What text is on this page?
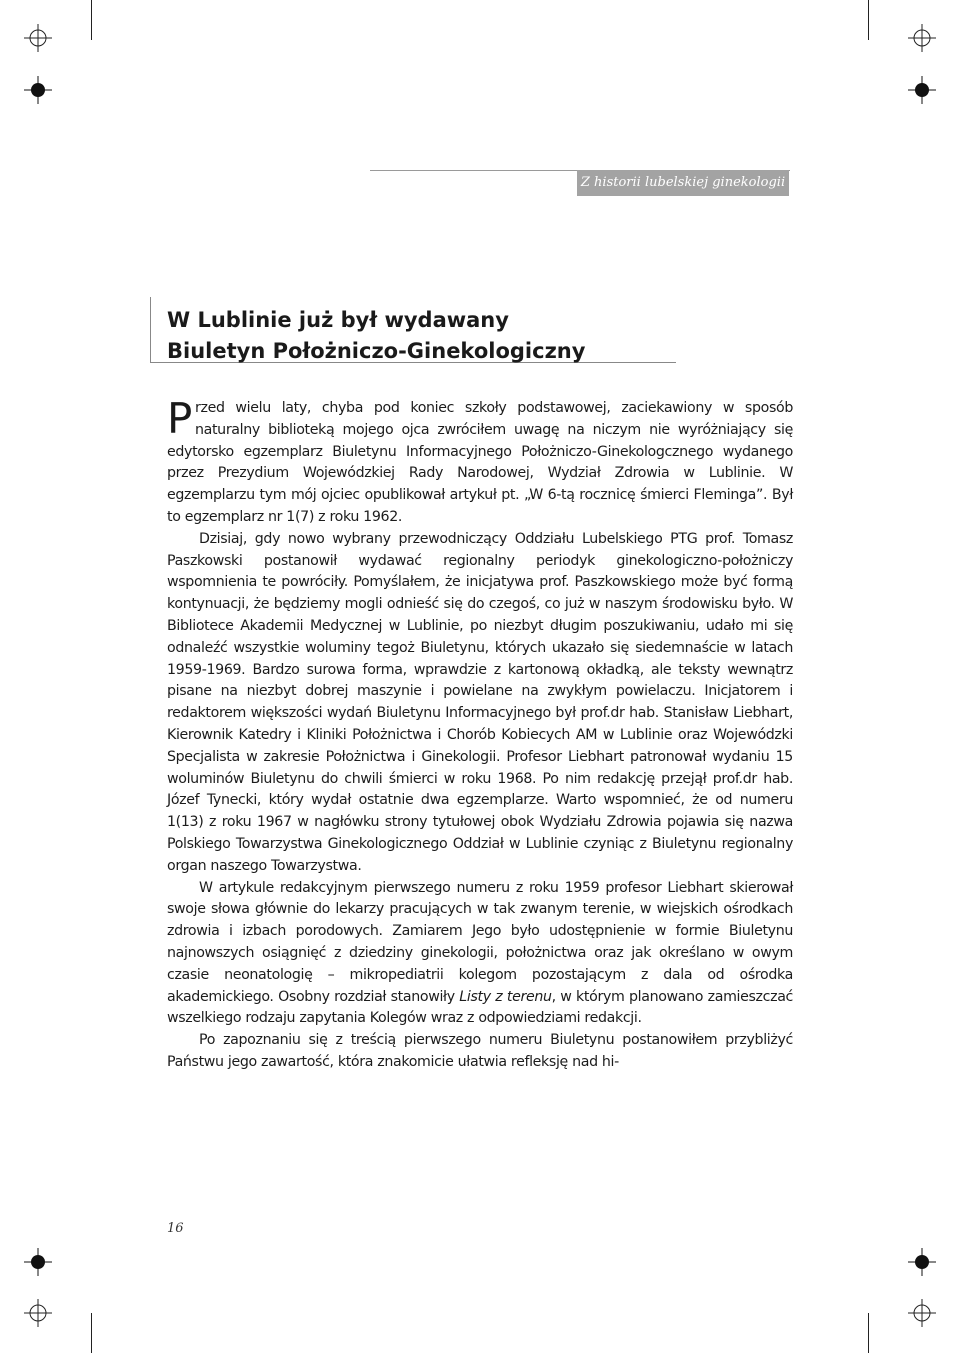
Z historii lubelskiej ginekologii
W Lublinie już był wydawany
Biuletyn Położniczo-Ginekologiczny

Przed wielu laty, chyba pod koniec szkoły podstawowej, zaciekawiony w sposób naturalny biblioteką mojego ojca zwróciłem uwagę na niczym nie wyróżniający się edytorsko egzemplarz Biuletynu Informacyjnego Położniczo-Ginekologcznego wydanego przez Prezydium Wojewódzkiej Rady Narodowej, Wydział Zdrowia w Lublinie. W egzemplarzu tym mój ojciec opublikował artykuł pt. „W 6-tą rocznicę śmierci Fleminga”. Był to egzemplarz nr 1(7) z roku 1962.

Dzisiaj, gdy nowo wybrany przewodniczący Oddziału Lubelskiego PTG prof. Tomasz Paszkowski postanowił wydawać regionalny periodyk ginekologiczno-położniczy wspomnienia te powróciły. Pomyślałem, że inicjatywa prof. Paszkowskiego może być formą kontynuacji, że będziemy mogli odnieść się do czegoś, co już w naszym środowisku było. W Bibliotece Akademii Medycznej w Lublinie, po niezbyt długim poszukiwaniu, udało mi się odnaleźć wszystkie woluminy tegoż Biuletynu, których ukazało się siedemnaście w latach 1959-1969. Bardzo surowa forma, wprawdzie z kartonową okładką, ale teksty wewnątrz pisane na niezbyt dobrej maszynie i powielane na zwykłym powielaczu. Inicjatorem i redaktorem większości wydań Biuletynu Informacyjnego był prof.dr hab. Stanisław Liebhart, Kierownik Katedry i Kliniki Położnictwa i Chorób Kobiecych AM w Lublinie oraz Wojewódzki Specjalista w zakresie Położnictwa i Ginekologii. Profesor Liebhart patronował wydaniu 15 woluminów Biuletynu do chwili śmierci w roku 1968. Po nim redakcję przejął prof.dr hab. Józef Tynecki, który wydał ostatnie dwa egzemplarze. Warto wspomnieć, że od numeru 1(13) z roku 1967 w nagłówku strony tytułowej obok Wydziału Zdrowia pojawia się nazwa Polskiego Towarzystwa Ginekologicznego Oddział w Lublinie czyniąc z Biuletynu regionalny organ naszego Towarzystwa.

W artykule redakcyjnym pierwszego numeru z roku 1959 profesor Liebhart skierował swoje słowa głównie do lekarzy pracujących w tak zwanym terenie, w wiejskich ośrodkach zdrowia i izbach porodowych. Zamiarem Jego było udostępnienie w formie Biuletynu najnowszych osiągnięć z dziedziny ginekologii, położnictwa oraz jak określano w owym czasie neonatologię – mikropediatrii kolegom pozostającym z dala od ośrodka akademickiego. Osobny rozdział stanowiły Listy z terenu, w którym planowano zamieszczać wszelkiego rodzaju zapytania Kolegów wraz z odpowiedziami redakcji.

Po zapoznaniu się z treścią pierwszego numeru Biuletynu postanowiłem przybliżyć Państwu jego zawartość, która znakomicie ułatwia refleksję nad hi-

16
